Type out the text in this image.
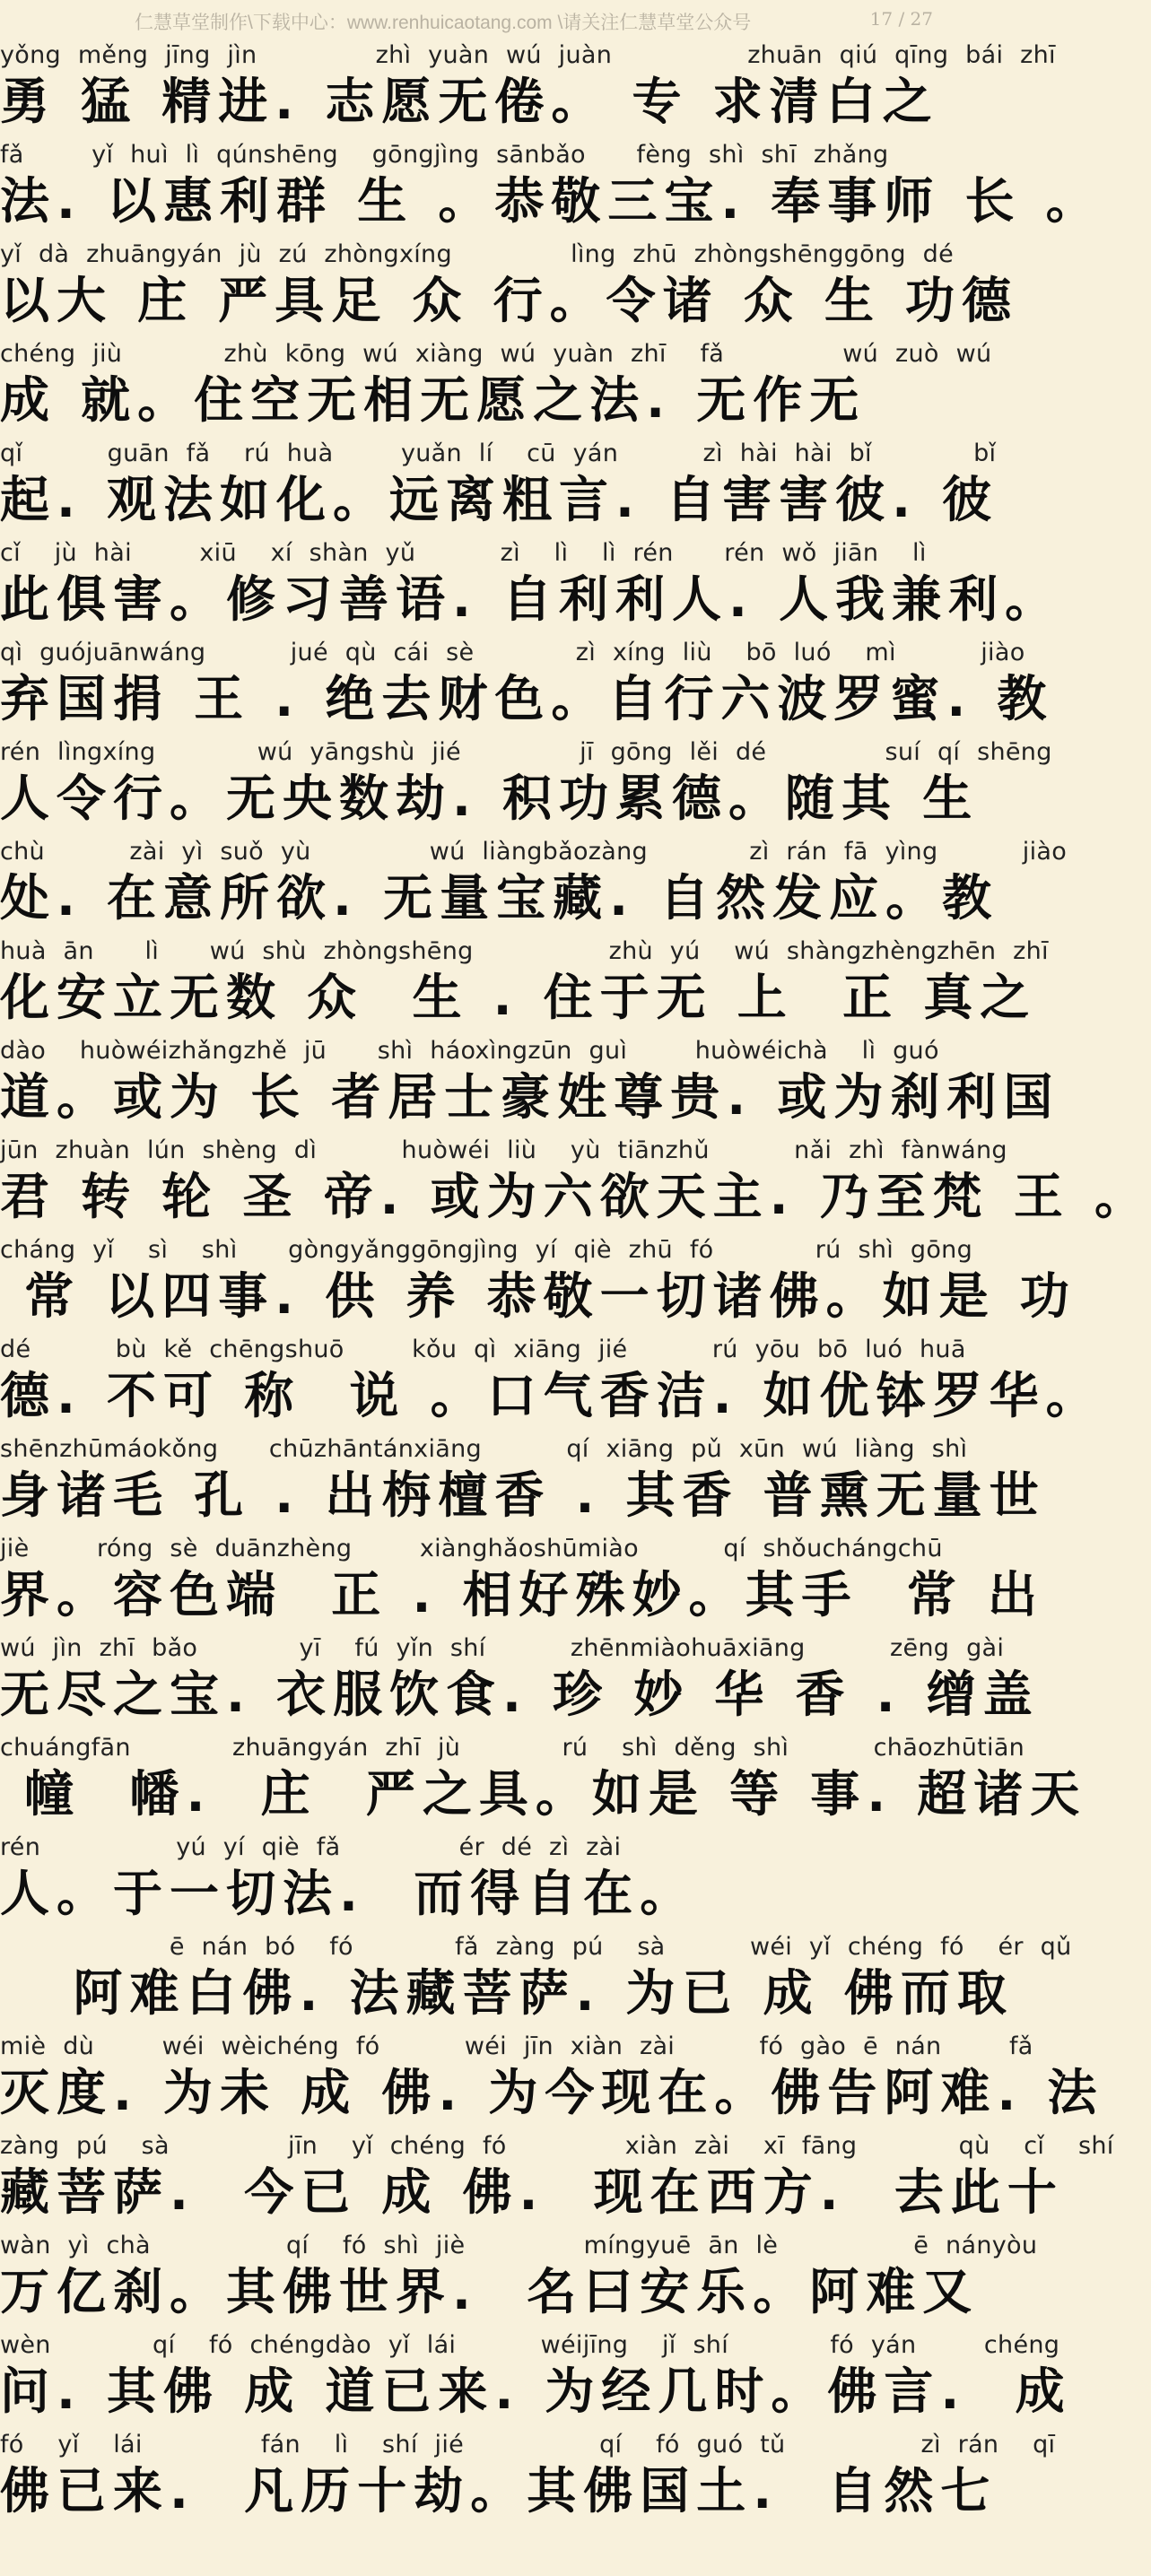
仁慧草堂制作\下载中心：www.renhuicaotang.com \请关注仁慧草堂公众号	17 / 27
yǒng měng jīng jìn       zhì yuàn wú juàn        zhuān qiú qīng bái zhī
勇 猛 精进. 志愿无倦。 专 求清白之
fǎ    yǐ huì lì qúnshēng  gōngjìng sānbǎo   fèng shì shī zhǎng
法. 以惠利群 生 。恭敬三宝. 奉事师 长 。
yǐ dà zhuāngyán jù zú zhòngxíng       lìng zhū zhòngshēnggōng dé
以大 庄 严具足 众 行。令诸 众 生 功德
chéng jiù      zhù kōng wú xiàng wú yuàn zhī  fǎ       wú zuò wú
成 就。住空无相无愿之法. 无作无
qǐ     guān fǎ  rú huà    yuǎn lí  cū yán     zì hài hài bǐ      bǐ
起. 观法如化。远离粗言. 自害害彼. 彼
cǐ  jù hài    xiū  xí shàn yǔ     zì  lì  lì rén   rén wǒ jiān  lì
此俱害。修习善语. 自利利人. 人我兼利。
qì guójuānwáng     jué qù cái sè      zì xíng liù  bō luó  mì     jiào
弃国捐 王 . 绝去财色。自行六波罗蜜. 教
rén lìngxíng      wú yāngshù jié       jī gōng lěi dé       suí qí shēng
人令行。无央数劫. 积功累德。随其 生
chù     zài yì suǒ yù       wú liàngbǎozàng      zì rán fā yìng     jiào
处. 在意所欲. 无量宝藏. 自然发应。教
huà ān   lì   wú shù zhòngshēng        zhù yú  wú shàngzhèngzhēn zhī
化安立无数 众  生 . 住于无 上  正 真之
dào  huòwéizhǎngzhě jū   shì háoxìngzūn guì    huòwéichà  lì guó
道。或为 长 者居士豪姓尊贵. 或为刹利国
jūn zhuàn lún shèng dì     huòwéi liù  yù tiānzhǔ     nǎi zhì fànwáng
君 转 轮 圣 帝. 或为六欲天主. 乃至梵 王 。
cháng yǐ  sì  shì   gòngyǎnggōngjìng yí qiè zhū fó      rú shì gōng
常 以四事. 供 养 恭敬一切诸佛。如是 功
dé     bù kě chēngshuō    kǒu qì xiāng jié     rú yōu bō luó huā
德. 不可 称  说 。口气香洁. 如优钵罗华。
shēnzhūmáokǒng   chūzhāntánxiāng     qí xiāng pǔ xūn wú liàng shì
身诸毛 孔 . 出栴檀香 . 其香 普熏无量世
jiè    róng sè duānzhèng    xiànghǎoshūmiào     qí shǒuchángchū
界。容色端  正 . 相好殊妙。其手  常 出
wú jìn zhī bǎo      yī  fú yǐn shí     zhēnmiàohuāxiāng     zēng gài
无尽之宝. 衣服饮食. 珍 妙 华 香 . 缯盖
chuángfān      zhuāngyán zhī jù      rú  shì děng shì     chāozhūtiān
幢  幡.  庄  严之具。如是 等 事. 超诸天
rén        yú yí qiè fǎ       ér dé zì zài
人。于一切法.  而得自在。
ē nán bó  fó      fǎ zàng pú  sà     wéi yǐ chéng fó  ér qǔ
阿难白佛. 法藏菩萨. 为已 成 佛而取
miè dù    wéi wèichéng fó     wéi jīn xiàn zài     fó gào ē nán    fǎ
灭度. 为未 成 佛. 为今现在。佛告阿难. 法
zàng pú  sà       jīn  yǐ chéng fó       xiàn zài  xī fāng      qù  cǐ  shí
藏菩萨.  今已 成 佛.  现在西方.  去此十
wàn yì chà        qí  fó shì jiè       míngyuē ān lè        ē nányòu
万亿刹。其佛世界.  名曰安乐。阿难又
wèn      qí  fó chéngdào yǐ lái     wéijīng  jǐ shí      fó yán    chéng
问. 其佛 成 道已来. 为经几时。佛言.  成
fó  yǐ  lái       fán  lì  shí jié        qí  fó guó tǔ        zì rán  qī
佛已来.  凡历十劫。其佛国土.  自然七
